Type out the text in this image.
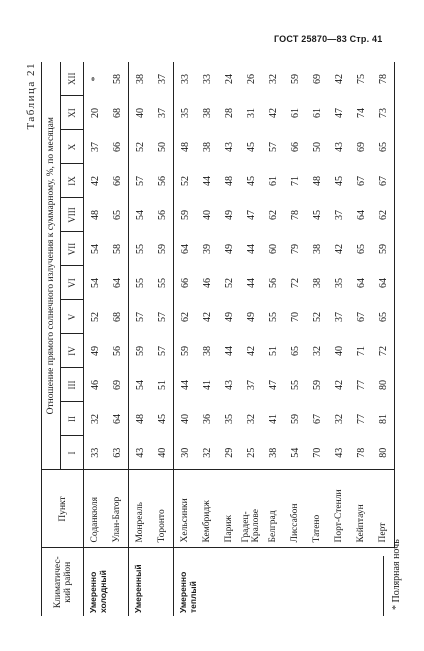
ГОСТ 25870—83 Стр. 41
Таблица 21
Климатичес-
кий район	Пункт	Отношение прямого солнечного излучения к суммарному, %, по месяцам											
		I	II	III	IV	V	VI	VII	VIII	IX	X	XI	XII
Умеренно
холодный	Соданкюля	33	32	46	49	52	54	54	48	42	37	20	*
	Улан-Батор	63	64	69	56	68	64	58	65	66	66	68	58
Умеренный	Монреаль	43	48	54	59	57	55	55	54	57	52	40	38
	Торонто	40	45	51	57	57	55	59	56	56	50	37	37
Умеренно
теплый	Хельсинки	30	40	44	59	62	66	64	59	52	48	35	33
	Кембридж	32	36	41	38	42	46	39	40	44	38	38	33
	Париж	29	35	43	44	49	52	49	49	48	43	28	24
	Градец-
Кралове	25	32	37	42	49	44	44	47	45	45	31	26
	Белград	38	41	47	51	55	56	60	62	61	57	42	32
	Лиссабон	54	59	55	65	70	72	79	78	71	66	61	59
	Татено	70	67	59	32	52	38	38	45	48	50	61	69
	Порт-Стенли	43	32	42	40	37	35	42	37	45	43	47	42
	Кейптаун	78	77	77	71	67	64	65	64	67	69	74	75
	Перт	80	81	80	72	65	64	59	62	67	65	73	78
* Полярная ночь
